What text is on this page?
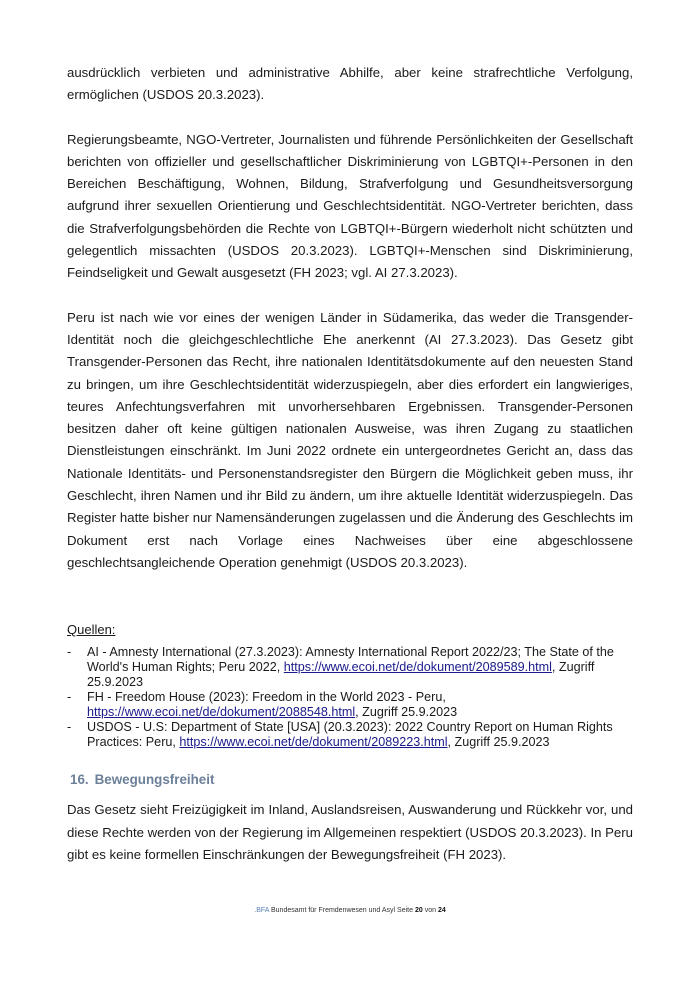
ausdrücklich verbieten und administrative Abhilfe, aber keine strafrechtliche Verfolgung, ermöglichen (USDOS 20.3.2023).

Regierungsbeamte, NGO-Vertreter, Journalisten und führende Persönlichkeiten der Gesellschaft berichten von offizieller und gesellschaftlicher Diskriminierung von LGBTQI+-Personen in den Bereichen Beschäftigung, Wohnen, Bildung, Strafverfolgung und Gesundheitsversorgung aufgrund ihrer sexuellen Orientierung und Geschlechtsidentität. NGO-Vertreter berichten, dass die Strafverfolgungsbehörden die Rechte von LGBTQI+-Bürgern wiederholt nicht schützten und gelegentlich missachten (USDOS 20.3.2023). LGBTQI+-Menschen sind Diskriminierung, Feindseligkeit und Gewalt ausgesetzt (FH 2023; vgl. AI 27.3.2023).

Peru ist nach wie vor eines der wenigen Länder in Südamerika, das weder die Transgender-Identität noch die gleichgeschlechtliche Ehe anerkennt (AI 27.3.2023). Das Gesetz gibt Transgender-Personen das Recht, ihre nationalen Identitätsdokumente auf den neuesten Stand zu bringen, um ihre Geschlechtsidentität widerzuspiegeln, aber dies erfordert ein langwieriges, teures Anfechtungsverfahren mit unvorhersehbaren Ergebnissen. Transgender-Personen besitzen daher oft keine gültigen nationalen Ausweise, was ihren Zugang zu staatlichen Dienstleistungen einschränkt. Im Juni 2022 ordnete ein untergeordnetes Gericht an, dass das Nationale Identitäts- und Personenstandsregister den Bürgern die Möglichkeit geben muss, ihr Geschlecht, ihren Namen und ihr Bild zu ändern, um ihre aktuelle Identität widerzuspiegeln. Das Register hatte bisher nur Namensänderungen zugelassen und die Änderung des Geschlechts im Dokument erst nach Vorlage eines Nachweises über eine abgeschlossene geschlechtsangleichende Operation genehmigt (USDOS 20.3.2023).

Quellen:
- AI - Amnesty International (27.3.2023): Amnesty International Report 2022/23; The State of the World's Human Rights; Peru 2022, https://www.ecoi.net/de/dokument/2089589.html, Zugriff 25.9.2023
- FH - Freedom House (2023): Freedom in the World 2023 - Peru, https://www.ecoi.net/de/dokument/2088548.html, Zugriff 25.9.2023
- USDOS - U.S: Department of State [USA] (20.3.2023): 2022 Country Report on Human Rights Practices: Peru, https://www.ecoi.net/de/dokument/2089223.html, Zugriff 25.9.2023
16. Bewegungsfreiheit

Das Gesetz sieht Freizügigkeit im Inland, Auslandsreisen, Auswanderung und Rückkehr vor, und diese Rechte werden von der Regierung im Allgemeinen respektiert (USDOS 20.3.2023). In Peru gibt es keine formellen Einschränkungen der Bewegungsfreiheit (FH 2023).

.BFA Bundesamt für Fremdenwesen und Asyl Seite 20 von 24
